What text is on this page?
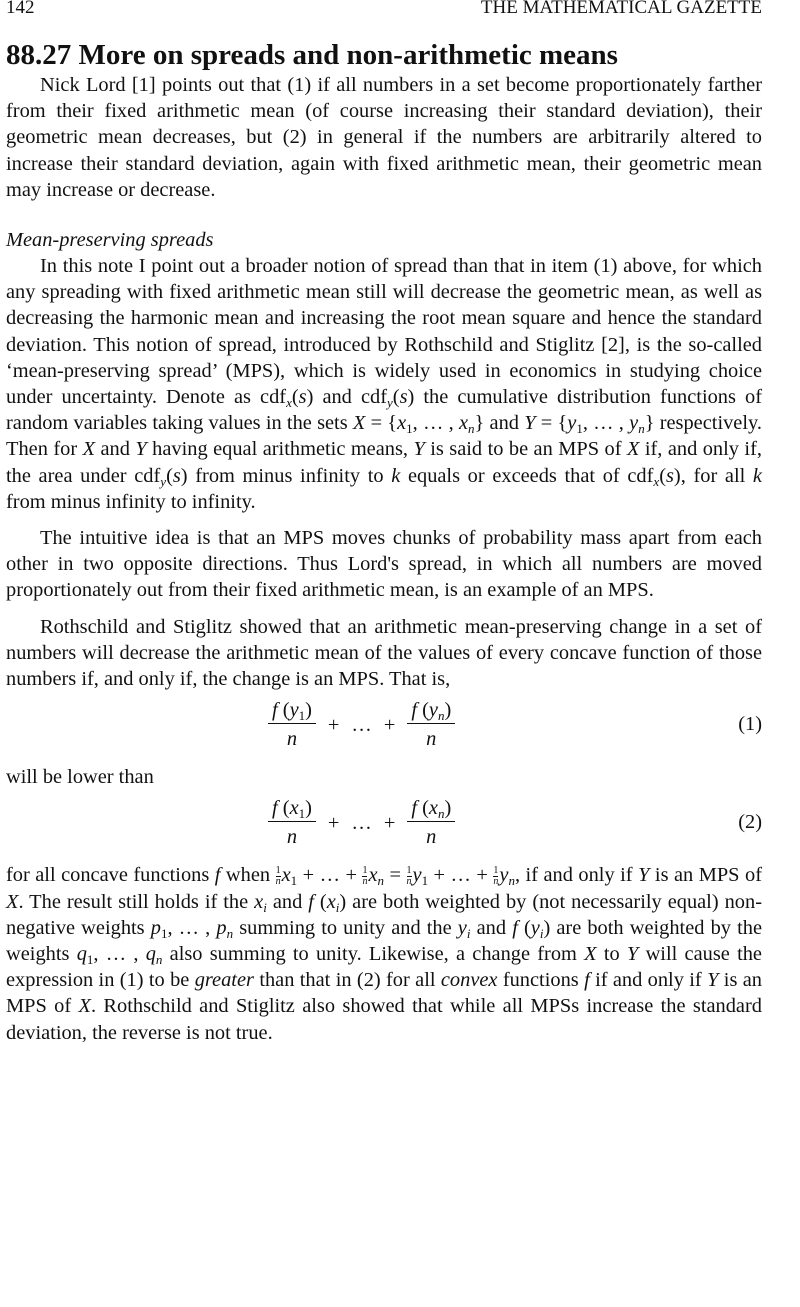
142	THE MATHEMATICAL GAZETTE
88.27 More on spreads and non-arithmetic means

Nick Lord [1] points out that (1) if all numbers in a set become proportionately farther from their fixed arithmetic mean (of course increasing their standard deviation), their geometric mean decreases, but (2) in general if the numbers are arbitrarily altered to increase their standard deviation, again with fixed arithmetic mean, their geometric mean may increase or decrease.

Mean-preserving spreads

In this note I point out a broader notion of spread than that in item (1) above, for which any spreading with fixed arithmetic mean still will decrease the geometric mean, as well as decreasing the harmonic mean and increasing the root mean square and hence the standard deviation. This notion of spread, introduced by Rothschild and Stiglitz [2], is the so-called ‘mean-preserving spread’ (MPS), which is widely used in economics in studying choice under uncertainty. Denote as cdf$_x$(s) and cdf$_y$(s) the cumulative distribution functions of random variables taking values in the sets $X = \{x_1$, … , $x_n$} and $Y = \{y_1$, … , $y_n$} respectively. Then for X and Y having equal arithmetic means, Y is said to be an MPS of X if, and only if, the area under cdf$_y$(s) from minus infinity to k equals or exceeds that of cdf$_x$(s), for all k from minus infinity to infinity.

The intuitive idea is that an MPS moves chunks of probability mass apart from each other in two opposite directions. Thus Lord's spread, in which all numbers are moved proportionately out from their fixed arithmetic mean, is an example of an MPS.

Rothschild and Stiglitz showed that an arithmetic mean-preserving change in a set of numbers will decrease the arithmetic mean of the values of every concave function of those numbers if, and only if, the change is an MPS. That is,

$\frac{f (y_1)}{n}$ + … + $\frac{f (y_n)}{n}$	(1)

will be lower than

$\frac{f (x_1)}{n}$ + … + $\frac{f (x_n)}{n}$	(2)

for all concave functions f when $\frac{1}{n} x_1$ + … + $\frac{1}{n} x_n = \frac{1}{n} y_1$ + … + $\frac{1}{n} y_n$, if and only if Y is an MPS of X. The result still holds if the $x_i$ and f $(x_i)$ are both weighted by (not necessarily equal) non-negative weights $p_1$, … , $p_n$ summing to unity and the $y_i$ and f $(y_i)$ are both weighted by the weights $q_1$, … , $q_n$ also summing to unity. Likewise, a change from X to Y will cause the expression in (1) to be greater than that in (2) for all convex functions f if and only if Y is an MPS of X. Rothschild and Stiglitz also showed that while all MPSs increase the standard deviation, the reverse is not true.
